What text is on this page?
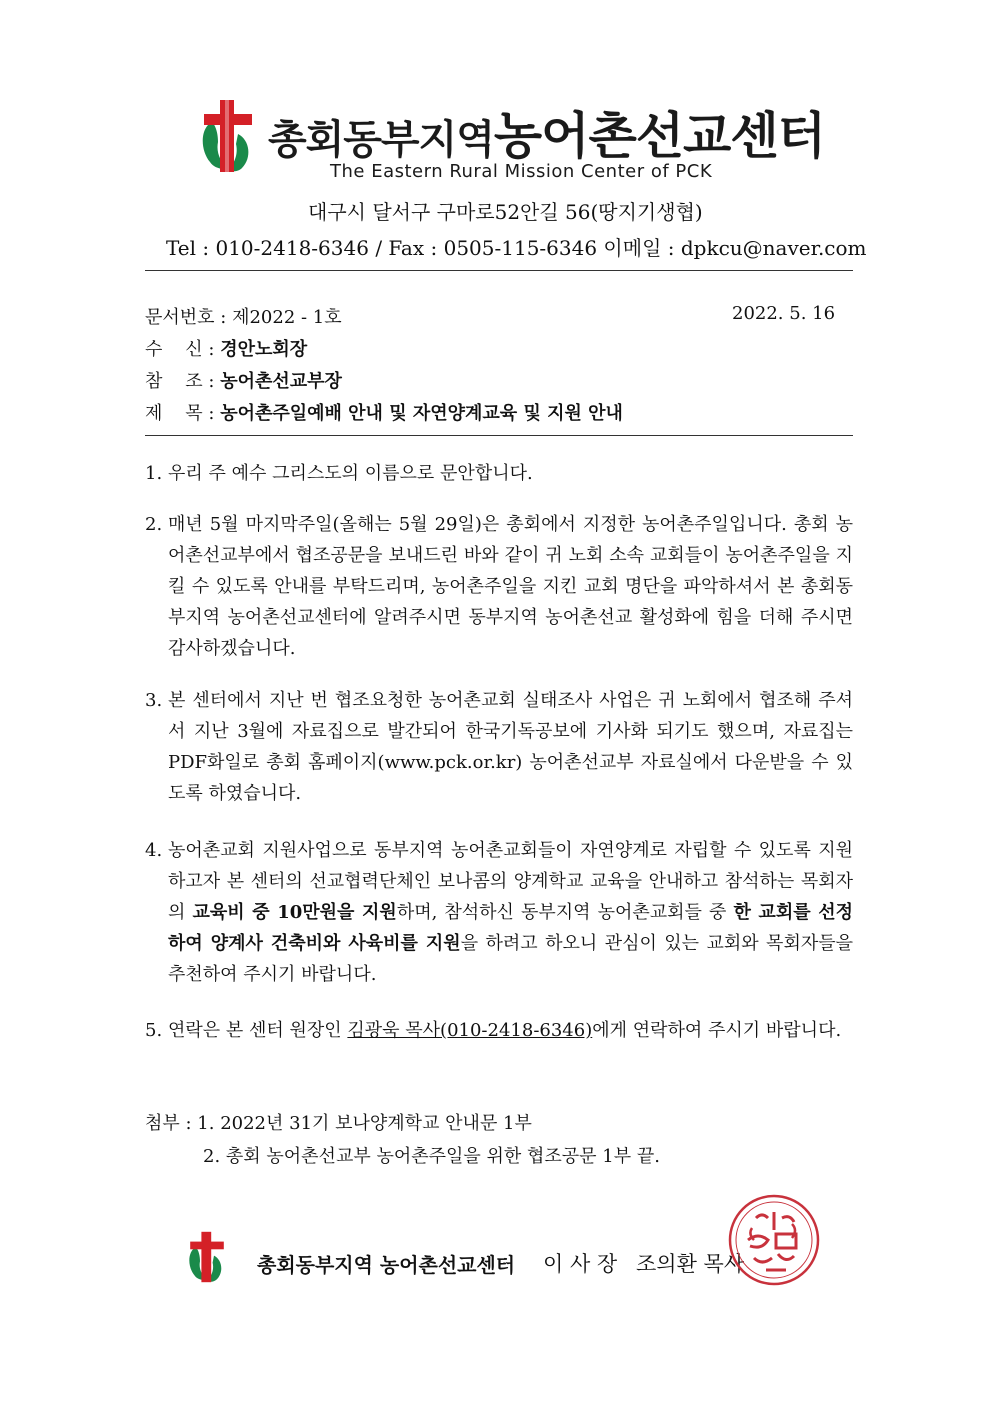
총회동부지역농어촌선교센터
The Eastern Rural Mission Center of PCK
대구시 달서구 구마로52안길 56(땅지기생협)
Tel : 010-2418-6346 / Fax : 0505-115-6346 이메일 : dpkcu@naver.com
문서번호 : 제2022 - 1호	2022. 5. 16
수    신 : 경안노회장
참    조 : 농어촌선교부장
제    목 : 농어촌주일예배 안내 및 자연양계교육 및 지원 안내
1. 우리 주 예수 그리스도의 이름으로 문안합니다.
2. 매년 5월 마지막주일(올해는 5월 29일)은 총회에서 지정한 농어촌주일입니다. 총회 농어촌선교부에서 협조공문을 보내드린 바와 같이 귀 노회 소속 교회들이 농어촌주일을 지킬 수 있도록 안내를 부탁드리며, 농어촌주일을 지킨 교회 명단을 파악하셔서 본 총회동부지역 농어촌선교센터에 알려주시면 동부지역 농어촌선교 활성화에 힘을 더해 주시면 감사하겠습니다.
3. 본 센터에서 지난 번 협조요청한 농어촌교회 실태조사 사업은 귀 노회에서 협조해 주셔서 지난 3월에 자료집으로 발간되어 한국기독공보에 기사화 되기도 했으며, 자료집는 PDF화일로 총회 홈페이지(www.pck.or.kr) 농어촌선교부 자료실에서 다운받을 수 있도록 하였습니다.
4. 농어촌교회 지원사업으로 동부지역 농어촌교회들이 자연양계로 자립할 수 있도록 지원하고자 본 센터의 선교협력단체인 보나콤의 양계학교 교육을 안내하고 참석하는 목회자의 교육비 중 10만원을 지원하며, 참석하신 동부지역 농어촌교회들 중 한 교회를 선정하여 양계사 건축비와 사육비를 지원을 하려고 하오니 관심이 있는 교회와 목회자들을 추천하여 주시기 바랍니다.
5. 연락은 본 센터 원장인 김광욱 목사(010-2418-6346)에게 연락하여 주시기 바랍니다.
첨부 : 1. 2022년 31기 보나양계학교 안내문 1부
2. 총회 농어촌선교부 농어촌주일을 위한 협조공문 1부 끝.
총회동부지역 농어촌선교센터 이 사 장 조의환 목사
